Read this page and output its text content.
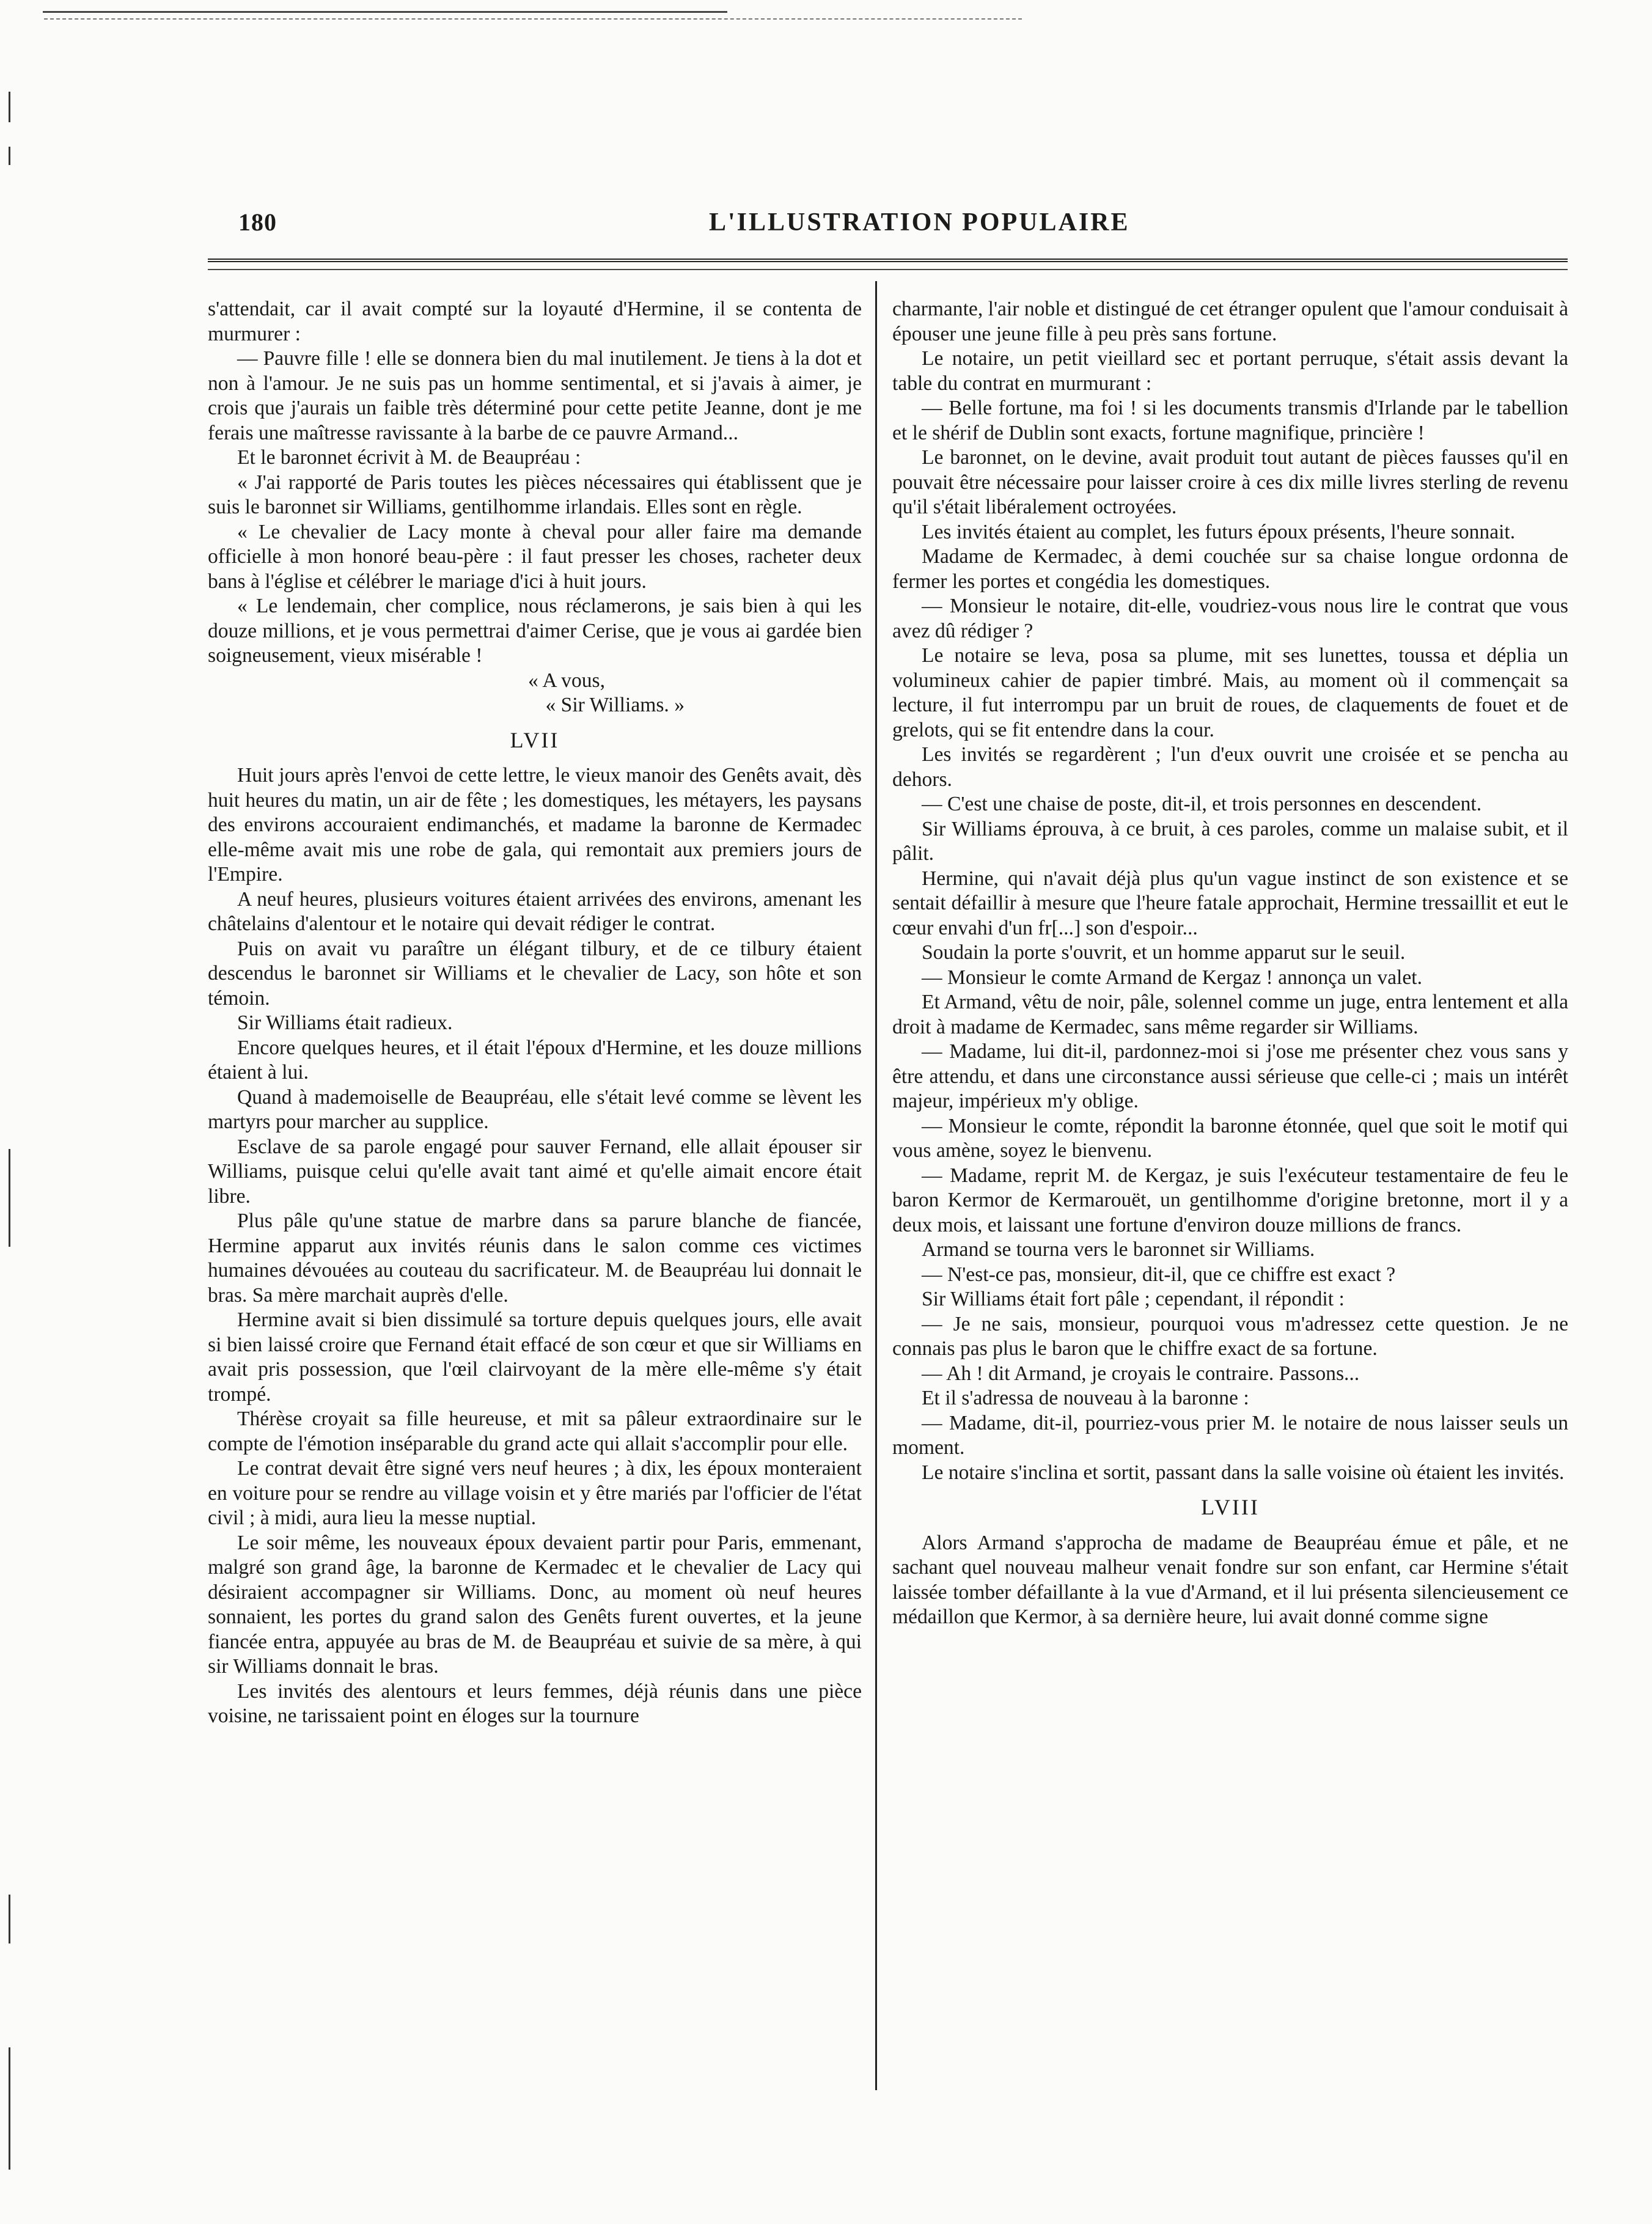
180	L'ILLUSTRATION POPULAIRE

s'attendait, car il avait compté sur la loyauté d'Hermine, il se contenta de murmurer :

— Pauvre fille ! elle se donnera bien du mal inutilement. Je tiens à la dot et non à l'amour. Je ne suis pas un homme sentimental, et si j'avais à aimer, je crois que j'aurais un faible très déterminé pour cette petite Jeanne, dont je me ferais une maîtresse ravissante à la barbe de ce pauvre Armand...

Et le baronnet écrivit à M. de Beaupréau :

« J'ai rapporté de Paris toutes les pièces nécessaires qui établissent que je suis le baronnet sir Williams, gentilhomme irlandais. Elles sont en règle.

« Le chevalier de Lacy monte à cheval pour aller faire ma demande officielle à mon honoré beau-père : il faut presser les choses, racheter deux bans à l'église et célébrer le mariage d'ici à huit jours.

« Le lendemain, cher complice, nous réclamerons, je sais bien à qui les douze millions, et je vous permettrai d'aimer Cerise, que je vous ai gardée bien soigneusement, vieux misérable !

« A vous,

« Sir Williams. »

LVII

Huit jours après l'envoi de cette lettre, le vieux manoir des Genêts avait, dès huit heures du matin, un air de fête ; les domestiques, les métayers, les paysans des environs accouraient endimanchés, et madame la baronne de Kermadec elle-même avait mis une robe de gala, qui remontait aux premiers jours de l'Empire.

A neuf heures, plusieurs voitures étaient arrivées des environs, amenant les châtelains d'alentour et le notaire qui devait rédiger le contrat.

Puis on avait vu paraître un élégant tilbury, et de ce tilbury étaient descendus le baronnet sir Williams et le chevalier de Lacy, son hôte et son témoin.

Sir Williams était radieux.

Encore quelques heures, et il était l'époux d'Hermine, et les douze millions étaient à lui.

Quand à mademoiselle de Beaupréau, elle s'était levé comme se lèvent les martyrs pour marcher au supplice.

Esclave de sa parole engagé pour sauver Fernand, elle allait épouser sir Williams, puisque celui qu'elle avait tant aimé et qu'elle aimait encore était libre.

Plus pâle qu'une statue de marbre dans sa parure blanche de fiancée, Hermine apparut aux invités réunis dans le salon comme ces victimes humaines dévouées au couteau du sacrificateur. M. de Beaupréau lui donnait le bras. Sa mère marchait auprès d'elle.

Hermine avait si bien dissimulé sa torture depuis quelques jours, elle avait si bien laissé croire que Fernand était effacé de son cœur et que sir Williams en avait pris possession, que l'œil clairvoyant de la mère elle-même s'y était trompé.

Thérèse croyait sa fille heureuse, et mit sa pâleur extraordinaire sur le compte de l'émotion inséparable du grand acte qui allait s'accomplir pour elle.

Le contrat devait être signé vers neuf heures ; à dix, les époux monteraient en voiture pour se rendre au village voisin et y être mariés par l'officier de l'état civil ; à midi, aura lieu la messe nuptial.

Le soir même, les nouveaux époux devaient partir pour Paris, emmenant, malgré son grand âge, la baronne de Kermadec et le chevalier de Lacy qui désiraient accompagner sir Williams. Donc, au moment où neuf heures sonnaient, les portes du grand salon des Genêts furent ouvertes, et la jeune fiancée entra, appuyée au bras de M. de Beaupréau et suivie de sa mère, à qui sir Williams donnait le bras.

Les invités des alentours et leurs femmes, déjà réunis dans une pièce voisine, ne tarissaient point en éloges sur la tournure

charmante, l'air noble et distingué de cet étranger opulent que l'amour conduisait à épouser une jeune fille à peu près sans fortune.

Le notaire, un petit vieillard sec et portant perruque, s'était assis devant la table du contrat en murmurant :

— Belle fortune, ma foi ! si les documents transmis d'Irlande par le tabellion et le shérif de Dublin sont exacts, fortune magnifique, princière !

Le baronnet, on le devine, avait produit tout autant de pièces fausses qu'il en pouvait être nécessaire pour laisser croire à ces dix mille livres sterling de revenu qu'il s'était libéralement octroyées.

Les invités étaient au complet, les futurs époux présents, l'heure sonnait.

Madame de Kermadec, à demi couchée sur sa chaise longue ordonna de fermer les portes et congédia les domestiques.

— Monsieur le notaire, dit-elle, voudriez-vous nous lire le contrat que vous avez dû rédiger ?

Le notaire se leva, posa sa plume, mit ses lunettes, toussa et déplia un volumineux cahier de papier timbré. Mais, au moment où il commençait sa lecture, il fut interrompu par un bruit de roues, de claquements de fouet et de grelots, qui se fit entendre dans la cour.

Les invités se regardèrent ; l'un d'eux ouvrit une croisée et se pencha au dehors.

— C'est une chaise de poste, dit-il, et trois personnes en descendent.

Sir Williams éprouva, à ce bruit, à ces paroles, comme un malaise subit, et il pâlit.

Hermine, qui n'avait déjà plus qu'un vague instinct de son existence et se sentait défaillir à mesure que l'heure fatale approchait, Hermine tressaillit et eut le cœur envahi d'un fr[...] son d'espoir...

Soudain la porte s'ouvrit, et un homme apparut sur le seuil.

— Monsieur le comte Armand de Kergaz ! annonça un valet.

Et Armand, vêtu de noir, pâle, solennel comme un juge, entra lentement et alla droit à madame de Kermadec, sans même regarder sir Williams.

— Madame, lui dit-il, pardonnez-moi si j'ose me présenter chez vous sans y être attendu, et dans une circonstance aussi sérieuse que celle-ci ; mais un intérêt majeur, impérieux m'y oblige.

— Monsieur le comte, répondit la baronne étonnée, quel que soit le motif qui vous amène, soyez le bienvenu.

— Madame, reprit M. de Kergaz, je suis l'exécuteur testamentaire de feu le baron Kermor de Kermarouët, un gentilhomme d'origine bretonne, mort il y a deux mois, et laissant une fortune d'environ douze millions de francs.

Armand se tourna vers le baronnet sir Williams.

— N'est-ce pas, monsieur, dit-il, que ce chiffre est exact ?

Sir Williams était fort pâle ; cependant, il répondit :

— Je ne sais, monsieur, pourquoi vous m'adressez cette question. Je ne connais pas plus le baron que le chiffre exact de sa fortune.

— Ah ! dit Armand, je croyais le contraire. Passons...

Et il s'adressa de nouveau à la baronne :

— Madame, dit-il, pourriez-vous prier M. le notaire de nous laisser seuls un moment.

Le notaire s'inclina et sortit, passant dans la salle voisine où étaient les invités.

LVIII

Alors Armand s'approcha de madame de Beaupréau émue et pâle, et ne sachant quel nouveau malheur venait fondre sur son enfant, car Hermine s'était laissée tomber défaillante à la vue d'Armand, et il lui présenta silencieusement ce médaillon que Kermor, à sa dernière heure, lui avait donné comme signe
